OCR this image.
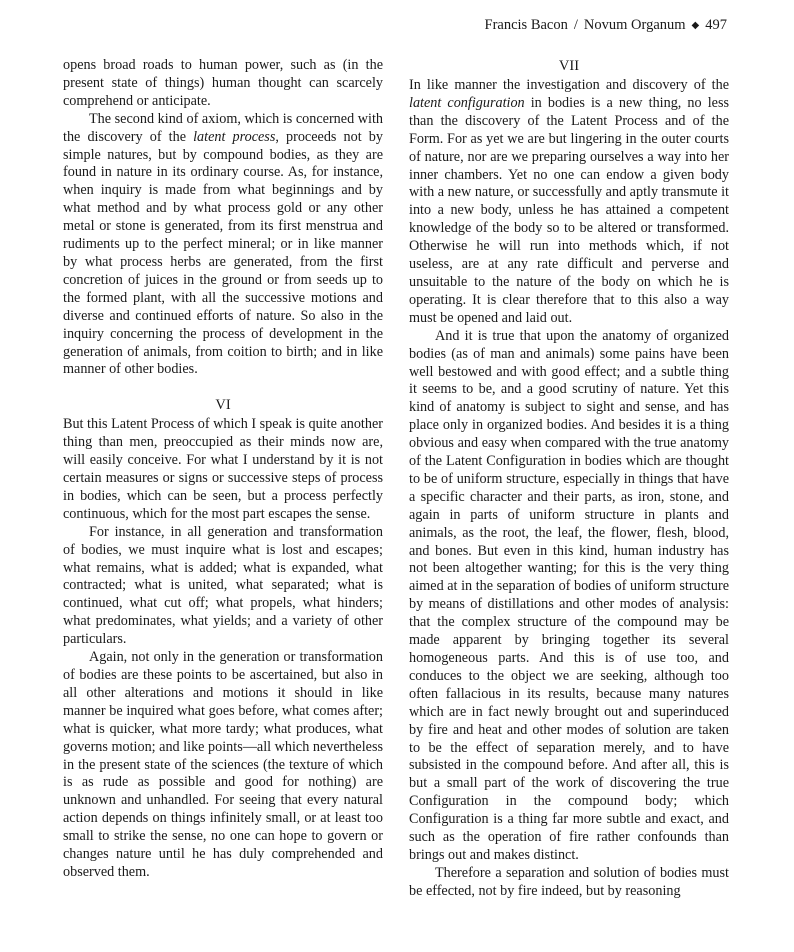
Francis Bacon / Novum Organum ◆ 497

opens broad roads to human power, such as (in the present state of things) human thought can scarcely comprehend or anticipate.

The second kind of axiom, which is concerned with the discovery of the latent process, proceeds not by simple natures, but by compound bodies, as they are found in nature in its ordinary course. As, for instance, when inquiry is made from what beginnings and by what method and by what process gold or any other metal or stone is generated, from its first menstrua and rudiments up to the perfect mineral; or in like manner by what process herbs are generated, from the first concretion of juices in the ground or from seeds up to the formed plant, with all the successive motions and diverse and continued efforts of nature. So also in the inquiry concerning the process of development in the generation of animals, from coition to birth; and in like manner of other bodies.

VI

But this Latent Process of which I speak is quite another thing than men, preoccupied as their minds now are, will easily conceive. For what I understand by it is not certain measures or signs or successive steps of process in bodies, which can be seen, but a process perfectly continuous, which for the most part escapes the sense.

For instance, in all generation and transformation of bodies, we must inquire what is lost and escapes; what remains, what is added; what is expanded, what contracted; what is united, what separated; what is continued, what cut off; what propels, what hinders; what predominates, what yields; and a variety of other particulars.

Again, not only in the generation or transformation of bodies are these points to be ascertained, but also in all other alterations and motions it should in like manner be inquired what goes before, what comes after; what is quicker, what more tardy; what produces, what governs motion; and like points—all which nevertheless in the present state of the sciences (the texture of which is as rude as possible and good for nothing) are unknown and unhandled. For seeing that every natural action depends on things infinitely small, or at least too small to strike the sense, no one can hope to govern or changes nature until he has duly comprehended and observed them.

VII

In like manner the investigation and discovery of the latent configuration in bodies is a new thing, no less than the discovery of the Latent Process and of the Form. For as yet we are but lingering in the outer courts of nature, nor are we preparing ourselves a way into her inner chambers. Yet no one can endow a given body with a new nature, or successfully and aptly transmute it into a new body, unless he has attained a competent knowledge of the body so to be altered or transformed. Otherwise he will run into methods which, if not useless, are at any rate difficult and perverse and unsuitable to the nature of the body on which he is operating. It is clear therefore that to this also a way must be opened and laid out.

And it is true that upon the anatomy of organized bodies (as of man and animals) some pains have been well bestowed and with good effect; and a subtle thing it seems to be, and a good scrutiny of nature. Yet this kind of anatomy is subject to sight and sense, and has place only in organized bodies. And besides it is a thing obvious and easy when compared with the true anatomy of the Latent Configuration in bodies which are thought to be of uniform structure, especially in things that have a specific character and their parts, as iron, stone, and again in parts of uniform structure in plants and animals, as the root, the leaf, the flower, flesh, blood, and bones. But even in this kind, human industry has not been altogether wanting; for this is the very thing aimed at in the separation of bodies of uniform structure by means of distillations and other modes of analysis: that the complex structure of the compound may be made apparent by bringing together its several homogeneous parts. And this is of use too, and conduces to the object we are seeking, although too often fallacious in its results, because many natures which are in fact newly brought out and superinduced by fire and heat and other modes of solution are taken to be the effect of separation merely, and to have subsisted in the compound before. And after all, this is but a small part of the work of discovering the true Configuration in the compound body; which Configuration is a thing far more subtle and exact, and such as the operation of fire rather confounds than brings out and makes distinct.

Therefore a separation and solution of bodies must be effected, not by fire indeed, but by reasoning
